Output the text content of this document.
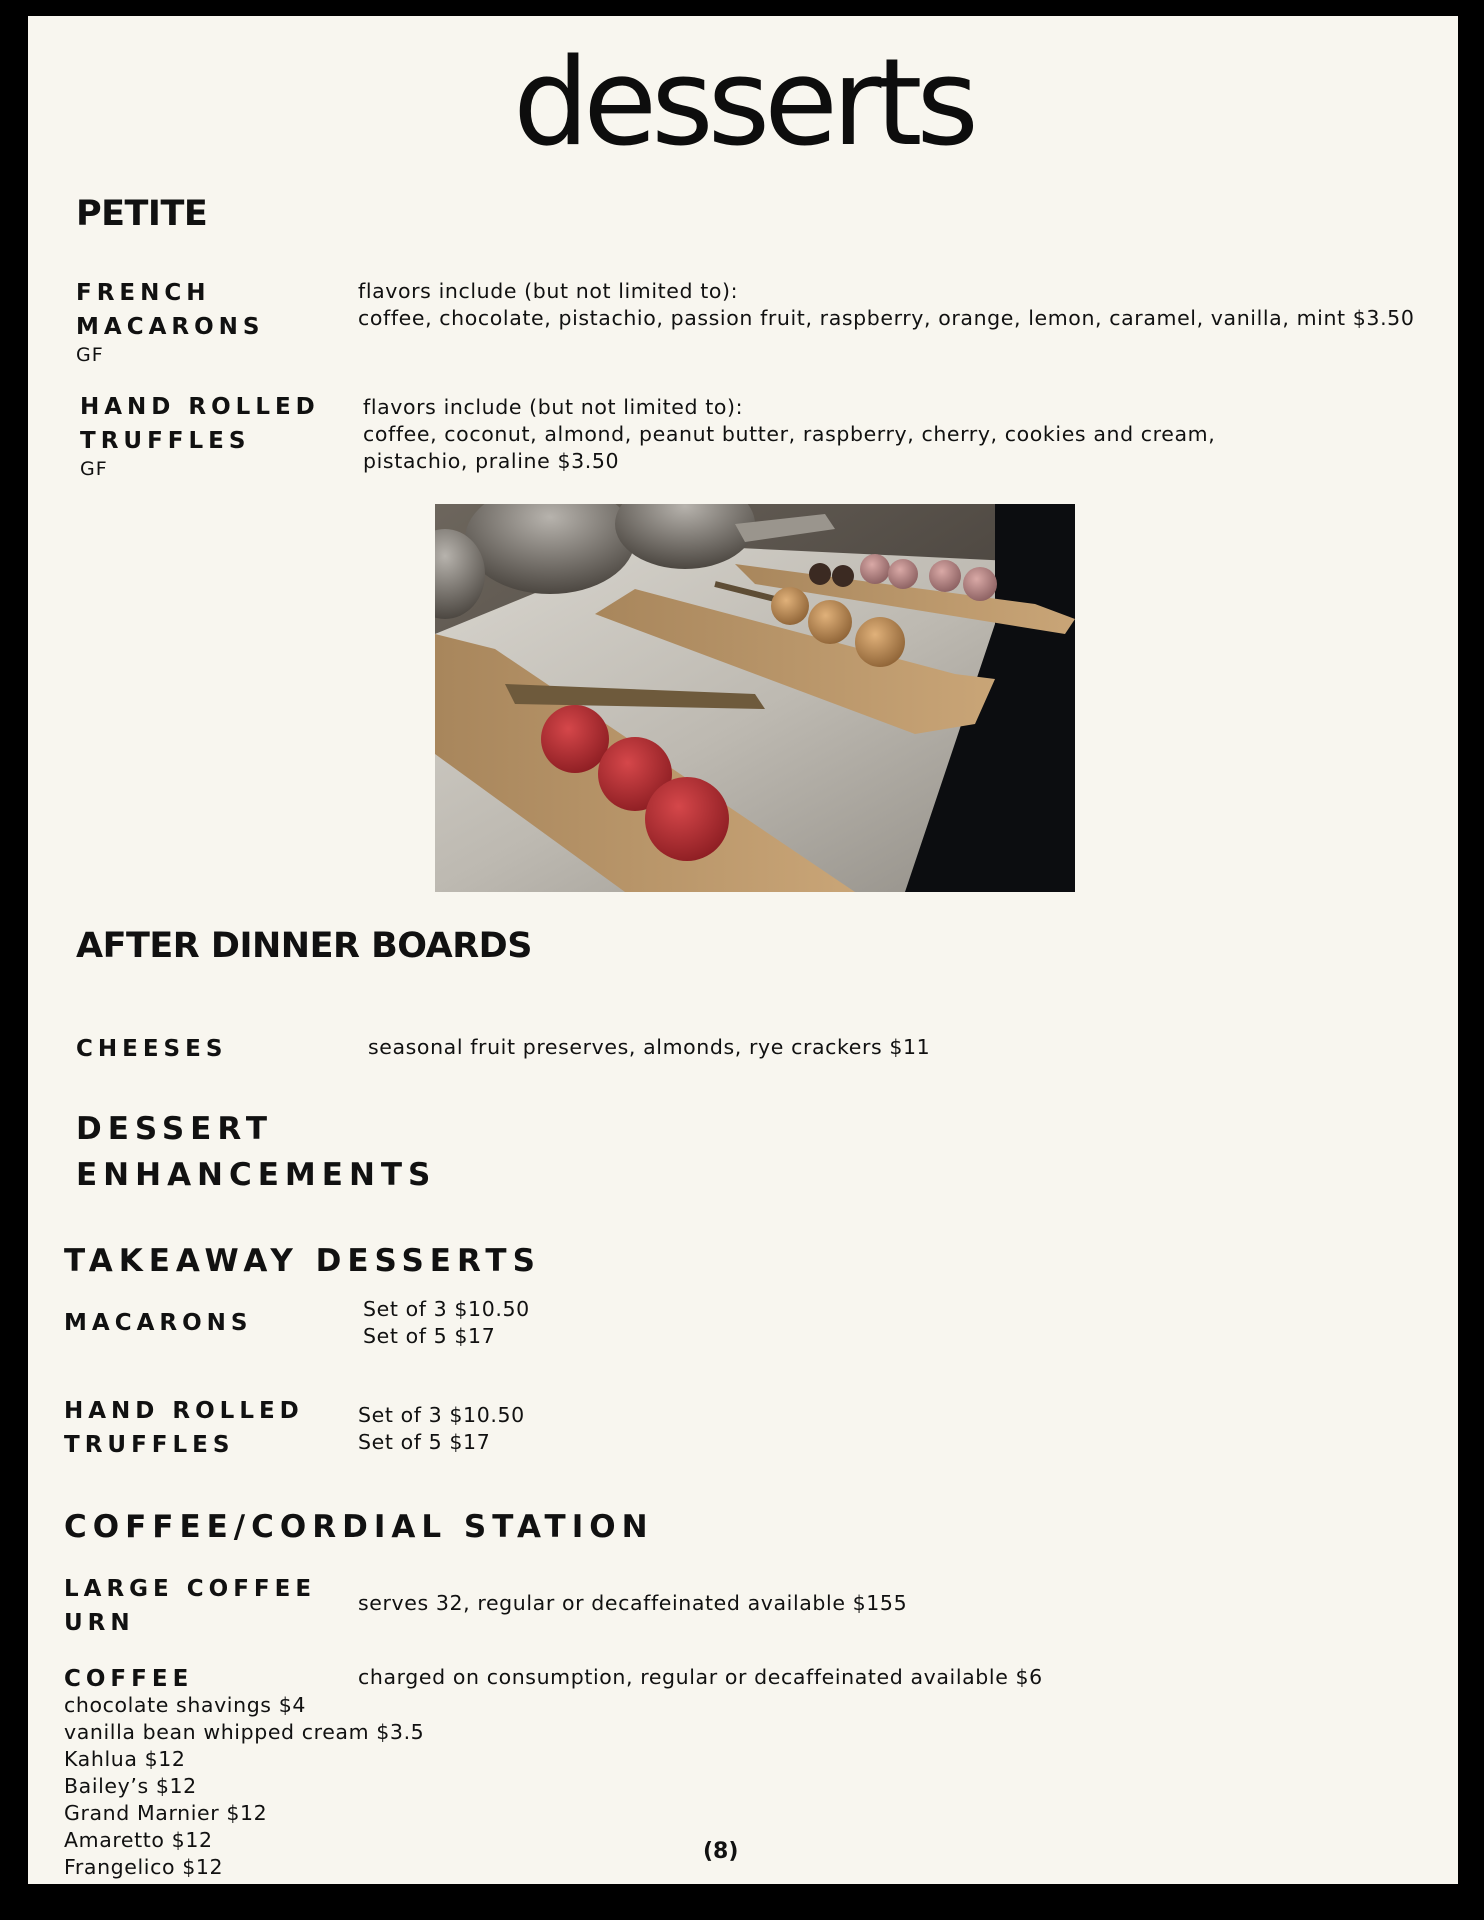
desserts
PETITE
FRENCH
MACARONS
GF
flavors include (but not limited to):
coffee, chocolate, pistachio, passion fruit, raspberry, orange, lemon, caramel, vanilla, mint $3.50
HAND ROLLED
TRUFFLES
GF
flavors include (but not limited to):
coffee, coconut, almond, peanut butter, raspberry, cherry, cookies and cream,
pistachio, praline $3.50
AFTER DINNER BOARDS
CHEESES	seasonal fruit preserves, almonds, rye crackers $11
DESSERT
ENHANCEMENTS
TAKEAWAY DESSERTS
MACARONS
Set of 3 $10.50
Set of 5 $17
HAND ROLLED
TRUFFLES
Set of 3 $10.50
Set of 5 $17
COFFEE/CORDIAL STATION
LARGE COFFEE
URN
serves 32, regular or decaffeinated available $155
COFFEE	charged on consumption, regular or decaffeinated available $6
chocolate shavings $4
vanilla bean whipped cream $3.5
Kahlua $12
Bailey’s $12
Grand Marnier $12
Amaretto $12
Frangelico $12
(8)
